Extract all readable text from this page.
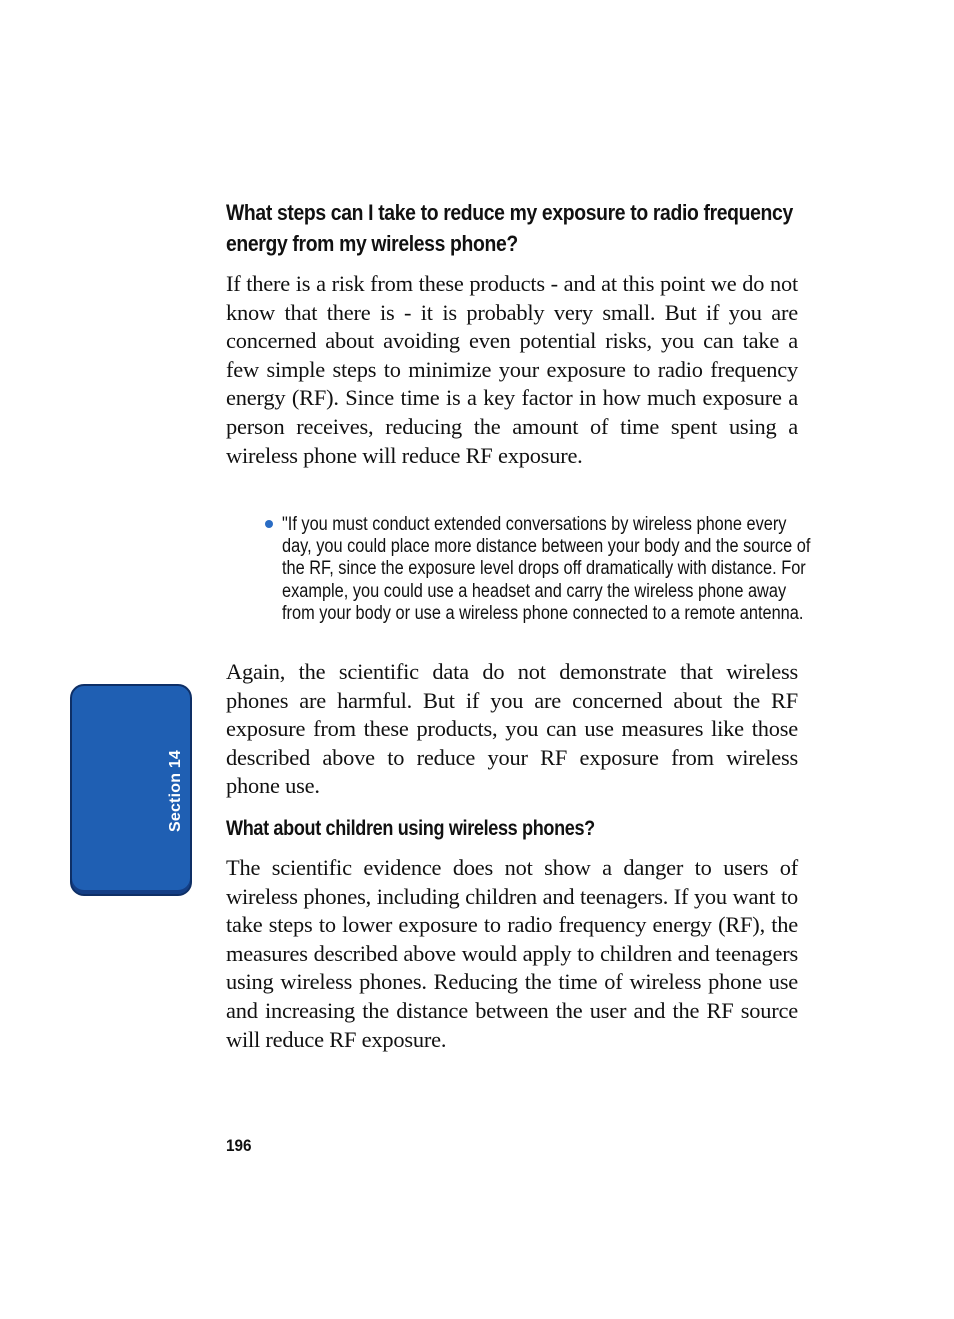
Section 14
What steps can I take to reduce my exposure to radio frequency energy from my wireless phone?

If there is a risk from these products - and at this point we do not know that there is - it is probably very small. But if you are concerned about avoiding even potential risks, you can take a few simple steps to minimize your exposure to radio frequency energy (RF). Since time is a key factor in how much exposure a person receives, reducing the amount of time spent using a wireless phone will reduce RF exposure.

"If you must conduct extended conversations by wireless phone every day, you could place more distance between your body and the source of the RF, since the exposure level drops off dramatically with distance. For example, you could use a headset and carry the wireless phone away from your body or use a wireless phone connected to a remote antenna.

Again, the scientific data do not demonstrate that wireless phones are harmful. But if you are concerned about the RF exposure from these products, you can use measures like those described above to reduce your RF exposure from wireless phone use.

What about children using wireless phones?

The scientific evidence does not show a danger to users of wireless phones, including children and teenagers. If you want to take steps to lower exposure to radio frequency energy (RF), the measures described above would apply to children and teenagers using wireless phones. Reducing the time of wireless phone use and increasing the distance between the user and the RF source will reduce RF exposure.

196
